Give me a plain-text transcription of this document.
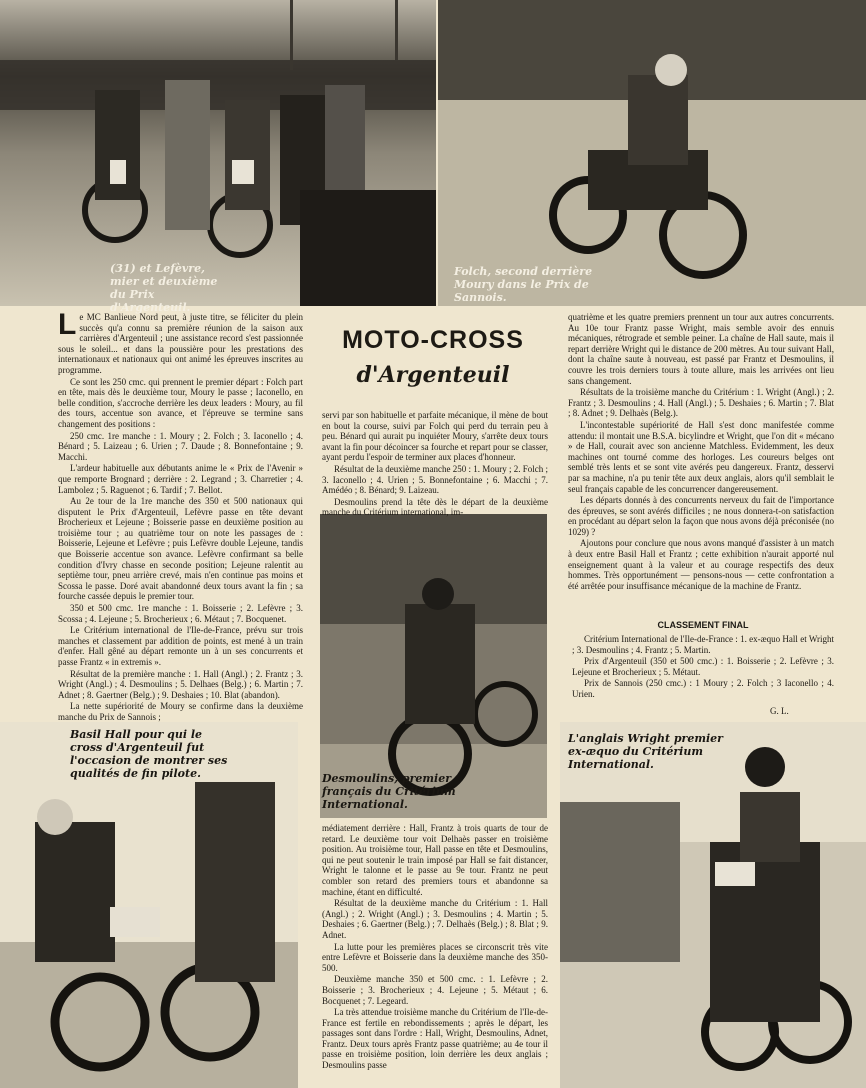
(31) et Lefèvre, mier et deuxième du Prix d'Argenteuil.
Folch, second derrière Moury dans le Prix de Sannois.
Basil Hall pour qui le cross d'Argenteuil fut l'occasion de montrer ses qualités de fin pilote.	Desmoulins, premier français du Critérium International.
L'anglais Wright premier ex-æquo du Critérium International.
MOTO-CROSS
d'Argenteuil

Le MC Banlieue Nord peut, à juste titre, se féliciter du plein succès qu'a connu sa première réunion de la saison aux carrières d'Argenteuil ; une assistance record s'est passionnée sous le soleil... et dans la poussière pour les prestations des internationaux et nationaux qui ont animé les épreuves inscrites au programme.

Ce sont les 250 cmc. qui prennent le premier départ : Folch part en tête, mais dès le deuxième tour, Moury le passe ; Iaconello, en belle condition, s'accroche derrière les deux leaders : Moury, au fil des tours, accentue son avance, et l'épreuve se termine sans changement des positions :

250 cmc. 1re manche : 1. Moury ; 2. Folch ; 3. Iaconello ; 4. Bénard ; 5. Laizeau ; 6. Urien ; 7. Daude ; 8. Bonnefontaine ; 9. Macchi.

L'ardeur habituelle aux débutants anime le « Prix de l'Avenir » que remporte Brognard ; derrière : 2. Legrand ; 3. Charretier ; 4. Lambolez ; 5. Raguenot ; 6. Tardif ; 7. Bellot.

Au 2e tour de la 1re manche des 350 et 500 nationaux qui disputent le Prix d'Argenteuil, Lefèvre passe en tête devant Brocherieux et Lejeune ; Boisserie passe en deuxième position au troisième tour ; au quatrième tour on note les passages de : Boisserie, Lejeune et Lefèvre ; puis Lefèvre double Lejeune, tandis que Boisserie accentue son avance. Lefèvre confirmant sa belle condition d'Ivry chasse en seconde position; Lejeune ralentit au septième tour, pneu arrière crevé, mais n'en continue pas moins et Scossa le passe. Doré avait abandonné deux tours avant la fin ; sa fourche cassée depuis le premier tour.

350 et 500 cmc. 1re manche : 1. Boisserie ; 2. Lefèvre ; 3. Scossa ; 4. Lejeune ; 5. Brocherieux ; 6. Métaut ; 7. Bocquenet.

Le Critérium international de l'Ile-de-France, prévu sur trois manches et classement par addition de points, est mené à un train d'enfer. Hall gêné au départ remonte un à un ses concurrents et passe Frantz « in extremis ».

Résultat de la première manche : 1. Hall (Angl.) ; 2. Frantz ; 3. Wright (Angl.) ; 4. Desmoulins ; 5. Delhaes (Belg.) ; 6. Martin ; 7. Adnet ; 8. Gaertner (Belg.) ; 9. Deshaies ; 10. Blat (abandon).

La nette supériorité de Moury se confirme dans la deuxième manche du Prix de Sannois ;

servi par son habituelle et parfaite mécanique, il mène de bout en bout la course, suivi par Folch qui perd du terrain peu à peu. Bénard qui aurait pu inquiéter Moury, s'arrête deux tours avant la fin pour décoincer sa fourche et repart pour se classer, ayant perdu l'espoir de terminer aux places d'honneur.

Résultat de la deuxième manche 250 : 1. Moury ; 2. Folch ; 3. Iaconello ; 4. Urien ; 5. Bonnefontaine ; 6. Macchi ; 7. Amédéo ; 8. Bénard; 9. Laizeau.

Desmoulins prend la tête dès le départ de la deuxième manche du Critérium international, im-

médiatement derrière : Hall, Frantz à trois quarts de tour de retard. Le deuxième tour voit Delhaès passer en troisième position. Au troisième tour, Hall passe en tête et Desmoulins, qui ne peut soutenir le train imposé par Hall se fait distancer, Wright le talonne et le passe au 9e tour. Frantz ne peut combler son retard des premiers tours et abandonne sa machine, étant en difficulté.

Résultat de la deuxième manche du Critérium : 1. Hall (Angl.) ; 2. Wright (Angl.) ; 3. Desmoulins ; 4. Martin ; 5. Deshaies ; 6. Gaertner (Belg.) ; 7. Delhaès (Belg.) ; 8. Blat ; 9. Adnet.

La lutte pour les premières places se circonscrit très vite entre Lefèvre et Boisserie dans la deuxième manche des 350-500.

Deuxième manche 350 et 500 cmc. : 1. Lefèvre ; 2. Boisserie ; 3. Brocherieux ; 4. Lejeune ; 5. Métaut ; 6. Bocquenet ; 7. Legeard.

La très attendue troisième manche du Critérium de l'Ile-de-France est fertile en rebondissements ; après le départ, les passages sont dans l'ordre : Hall, Wright, Desmoulins, Adnet, Frantz. Deux tours après Frantz passe quatrième; au 4e tour il passe en troisième position, loin derrière les deux anglais ; Desmoulins passe

quatrième et les quatre premiers prennent un tour aux autres concurrents. Au 10e tour Frantz passe Wright, mais semble avoir des ennuis mécaniques, rétrograde et semble peiner. La chaîne de Hall saute, mais il repart derrière Wright qui le distance de 200 mètres. Au tour suivant Hall, dont la chaîne saute à nouveau, est passé par Frantz et Desmoulins, il couvre les trois derniers tours à toute allure, mais les arrivées ont lieu sans changement.

Résultats de la troisième manche du Critérium : 1. Wright (Angl.) ; 2. Frantz ; 3. Desmoulins ; 4. Hall (Angl.) ; 5. Deshaies ; 6. Martin ; 7. Blat ; 8. Adnet ; 9. Delhaès (Belg.).

L'incontestable supériorité de Hall s'est donc manifestée comme attendu: il montait une B.S.A. bicylindre et Wright, que l'on dit « mécano » de Hall, courait avec son ancienne Matchless. Evidemment, les deux machines ont tourné comme des horloges. Les coureurs belges ont semblé très lents et se sont vite avérés peu dangereux. Frantz, desservi par sa machine, n'a pu tenir tête aux deux anglais, alors qu'il semblait le seul français capable de les concurrencer dangereusement.

Les départs donnés à des concurrents nerveux du fait de l'importance des épreuves, se sont avérés difficiles ; ne nous donnera-t-on satisfaction en procédant au départ selon la façon que nous avons déjà préconisée (no 1029) ?

Ajoutons pour conclure que nous avons manqué d'assister à un match à deux entre Basil Hall et Frantz ; cette exhibition n'aurait apporté nul enseignement quant à la valeur et au courage respectifs des deux hommes. Très opportunément — pensons-nous — cette confrontation a été arrêtée pour insuffisance mécanique de la machine de Frantz.

CLASSEMENT FINAL

Critérium International de l'Ile-de-France : 1. ex-æquo Hall et Wright ; 3. Desmoulins ; 4. Frantz ; 5. Martin.

Prix d'Argenteuil (350 et 500 cmc.) : 1. Boisserie ; 2. Lefèvre ; 3. Lejeune et Brocherieux ; 5. Métaut.

Prix de Sannois (250 cmc.) : 1 Moury ; 2. Folch ; 3 Iaconello ; 4. Urien.

G. L.
